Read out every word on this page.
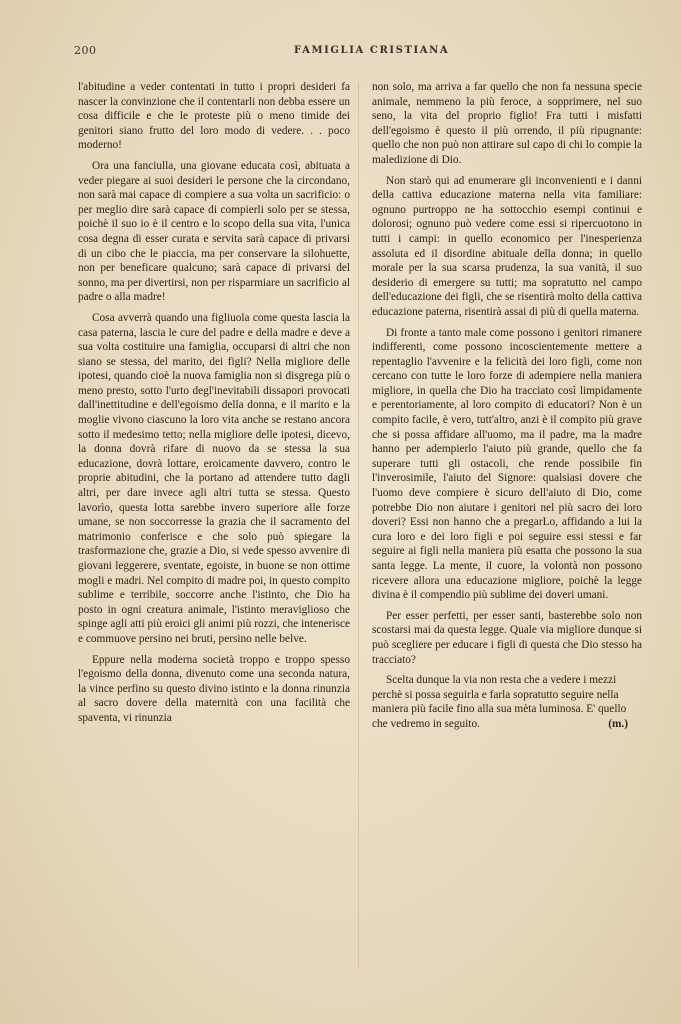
200	FAMIGLIA CRISTIANA

l'abitudine a veder contentati in tutto i propri desideri fa nascer la convinzione che il contentarli non debba essere un cosa difficile e che le proteste più o meno timide dei genitori siano frutto del loro modo di vedere. . . poco moderno!

Ora una fanciulla, una giovane educata così, abituata a veder piegare ai suoi desideri le persone che la circondano, non sarà mai capace di compiere a sua volta un sacrificio: o per meglio dire sarà capace di compierli solo per se stessa, poichè il suo io è il centro e lo scopo della sua vita, l'unica cosa degna di esser curata e servita sarà capace di privarsi di un cibo che le piaccia, ma per conservare la silohuette, non per beneficare qualcuno; sarà capace di privarsi del sonno, ma per divertirsi, non per risparmiare un sacrificio al padre o alla madre!

Cosa avverrà quando una figliuola come questa lascia la casa paterna, lascia le cure del padre e della madre e deve a sua volta costituire una famiglia, occuparsi di altri che non siano se stessa, del marito, dei figli? Nella migliore delle ipotesi, quando cioè la nuova famiglia non si disgrega più o meno presto, sotto l'urto degl'inevitabili dissapori provocati dall'inettitudine e dell'egoismo della donna, e il marito e la moglie vivono ciascuno la loro vita anche se restano ancora sotto il medesimo tetto; nella migliore delle ipotesi, dicevo, la donna dovrà rifare di nuovo da se stessa la sua educazione, dovrà lottare, eroicamente davvero, contro le proprie abitudini, che la portano ad attendere tutto dagli altri, per dare invece agli altri tutta se stessa. Questo lavorìo, questa lotta sarebbe invero superiore alle forze umane, se non soccorresse la grazia che il sacramento del matrimonio conferisce e che solo può spiegare la trasformazione che, grazie a Dio, si vede spesso avvenire di giovani leggerere, sventate, egoiste, in buone se non ottime mogli e madri. Nel compito di madre poi, in questo compito sublime e terribile, soccorre anche l'istinto, che Dio ha posto in ogni creatura animale, l'istinto meraviglioso che spinge agli atti più eroici gli animi più rozzi, che intenerisce e commuove persino nei bruti, persino nelle belve.

Eppure nella moderna società troppo e troppo spesso l'egoismo della donna, divenuto come una seconda natura, la vince perfino su questo divino istinto e la donna rinunzia al sacro dovere della maternità con una facilità che spaventa, vi rinunzia

non solo, ma arriva a far quello che non fa nessuna specie animale, nemmeno la più feroce, a sopprimere, nel suo seno, la vita del proprio figlio! Fra tutti i misfatti dell'egoismo è questo il più orrendo, il più ripugnante: quello che non può non attirare sul capo di chi lo compie la maledizione di Dio.

Non starò qui ad enumerare gli inconvenienti e i danni della cattiva educazione materna nella vita familiare: ognuno purtroppo ne ha sottocchio esempi continui e dolorosi; ognuno può vedere come essi si ripercuotono in tutti i campi: in quello economico per l'inesperienza assoluta ed il disordine abituale della donna; in quello morale per la sua scarsa prudenza, la sua vanità, il suo desiderio di emergere su tutti; ma sopratutto nel campo dell'educazione dei figli, che se risentirà molto della cattiva educazione paterna, risentirà assai di più di quella materna.

Di fronte a tanto male come possono i genitori rimanere indifferenti, come possono incoscientemente mettere a repentaglio l'avvenire e la felicità dei loro figli, come non cercano con tutte le loro forze di adempiere nella maniera migliore, in quella che Dio ha tracciato così limpidamente e perentoriamente, al loro compito di educatori? Non è un compito facile, è vero, tutt'altro, anzi è il compito più grave che si possa affidare all'uomo, ma il padre, ma la madre hanno per adempierlo l'aiuto più grande, quello che fa superare tutti gli ostacoli, che rende possibile fin l'inverosimile, l'aiuto del Signore: qualsiasi dovere che l'uomo deve compiere è sicuro dell'aiuto di Dio, come potrebbe Dio non aiutare i genitori nel più sacro dei loro doveri? Essi non hanno che a pregarLo, affidando a lui la cura loro e dei loro figli e poi seguire essi stessi e far seguire ai figli nella maniera più esatta che possono la sua santa legge. La mente, il cuore, la volontà non possono ricevere allora una educazione migliore, poichè la legge divina è il compendio più sublime dei doveri umani.

Per esser perfetti, per esser santi, basterebbe solo non scostarsi mai da questa legge. Quale via migliore dunque si può scegliere per educare i figli di questa che Dio stesso ha tracciato?

Scelta dunque la via non resta che a vedere i mezzi perchè si possa seguirla e farla sopratutto seguire nella maniera più facile fino alla sua mèta luminosa. E' quello che vedremo in seguito.	(m.)
